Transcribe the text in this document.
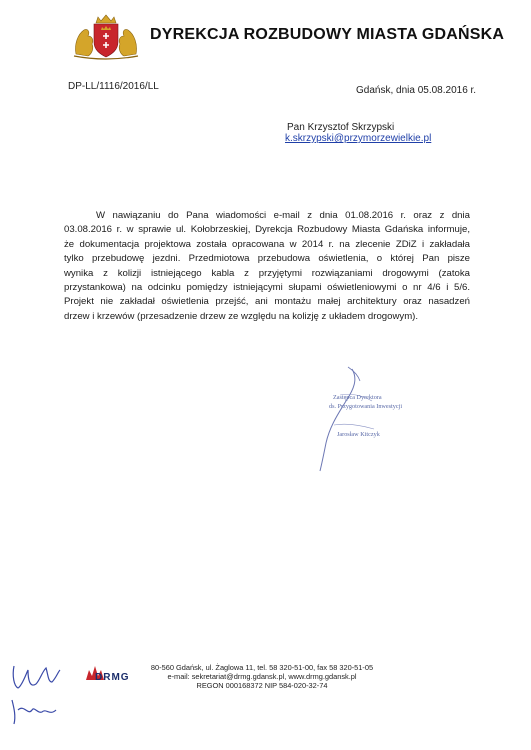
DYREKCJA ROZBUDOWY MIASTA GDAŃSKA
DP-LL/1116/2016/LL	Gdańsk, dnia 05.08.2016 r.
Pan Krzysztof Skrzypski
k.skrzypski@przymorzewielkie.pl
W nawiązaniu do Pana wiadomości e-mail z dnia 01.08.2016 r. oraz z dnia
03.08.2016 r. w sprawie ul. Kołobrzeskiej, Dyrekcja Rozbudowy Miasta Gdańska informuje,
że dokumentacja projektowa została opracowana w 2014 r. na zlecenie ZDiZ i zakładała
tylko przebudowę jezdni. Przedmiotowa przebudowa oświetlenia, o której Pan pisze
wynika z kolizji istniejącego kabla z przyjętymi rozwiązaniami drogowymi (zatoka
przystankowa) na odcinku pomiędzy istniejącymi słupami oświetleniowymi o nr 4/6 i 5/6.
Projekt nie zakładał oświetlenia przejść, ani montażu małej architektury oraz nasadzeń
drzew i krzewów (przesadzenie drzew ze względu na kolizję z układem drogowym).
Zastępca Dyrektora
ds. Przygotowania Inwestycji
Jarosław Kitczyk
DRMG
80-560 Gdańsk, ul. Żaglowa 11, tel. 58 320-51-00, fax 58 320-51-05
e-mail: sekretariat@drmg.gdansk.pl, www.drmg.gdansk.pl
REGON 000168372 NIP 584-020-32-74
